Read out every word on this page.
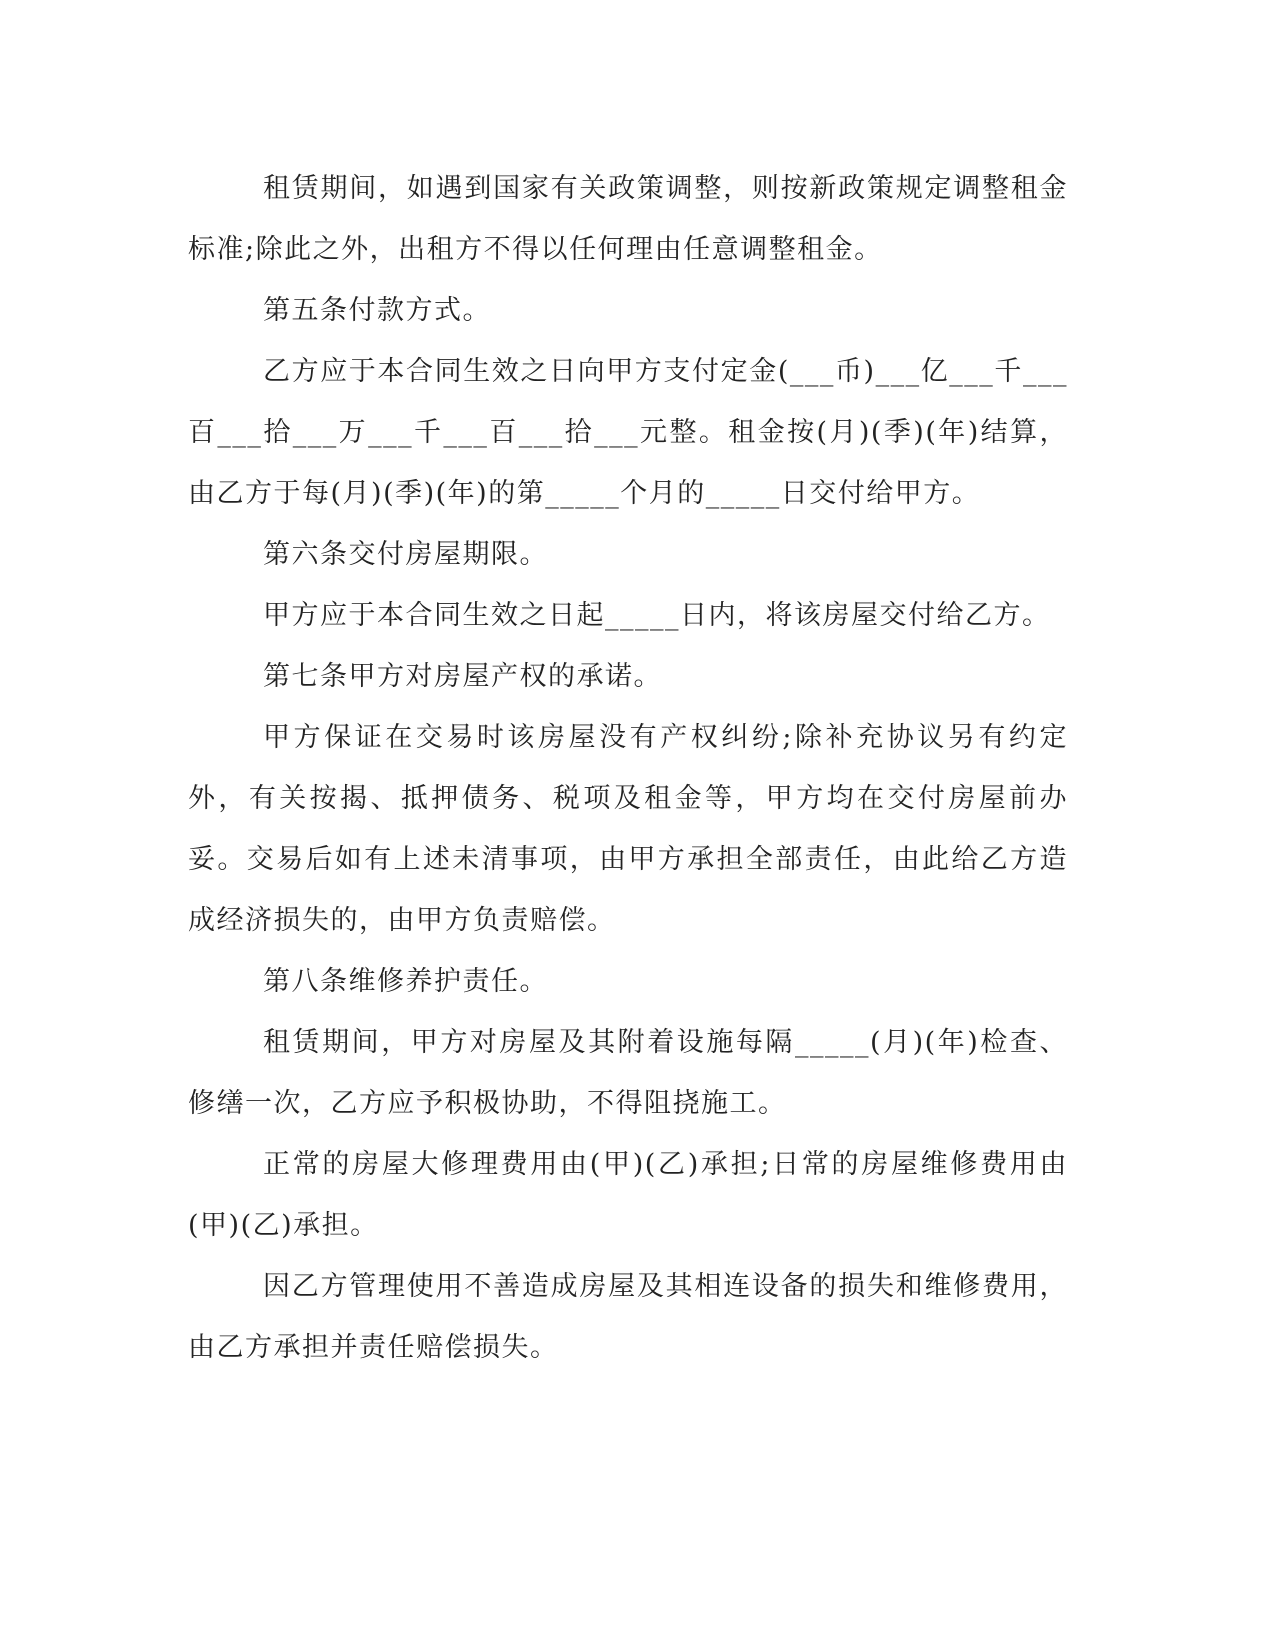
租赁期间，如遇到国家有关政策调整，则按新政策规定调整租金标准;除此之外，出租方不得以任何理由任意调整租金。

第五条付款方式。

乙方应于本合同生效之日向甲方支付定金(___币)___亿___千___百___拾___万___千___百___拾___元整。租金按(月)(季)(年)结算，由乙方于每(月)(季)(年)的第_____个月的_____日交付给甲方。

第六条交付房屋期限。

甲方应于本合同生效之日起_____日内，将该房屋交付给乙方。

第七条甲方对房屋产权的承诺。

甲方保证在交易时该房屋没有产权纠纷;除补充协议另有约定外，有关按揭、抵押债务、税项及租金等，甲方均在交付房屋前办妥。交易后如有上述未清事项，由甲方承担全部责任，由此给乙方造成经济损失的，由甲方负责赔偿。

第八条维修养护责任。

租赁期间，甲方对房屋及其附着设施每隔_____(月)(年)检查、修缮一次，乙方应予积极协助，不得阻挠施工。

正常的房屋大修理费用由(甲)(乙)承担;日常的房屋维修费用由(甲)(乙)承担。

因乙方管理使用不善造成房屋及其相连设备的损失和维修费用，由乙方承担并责任赔偿损失。
